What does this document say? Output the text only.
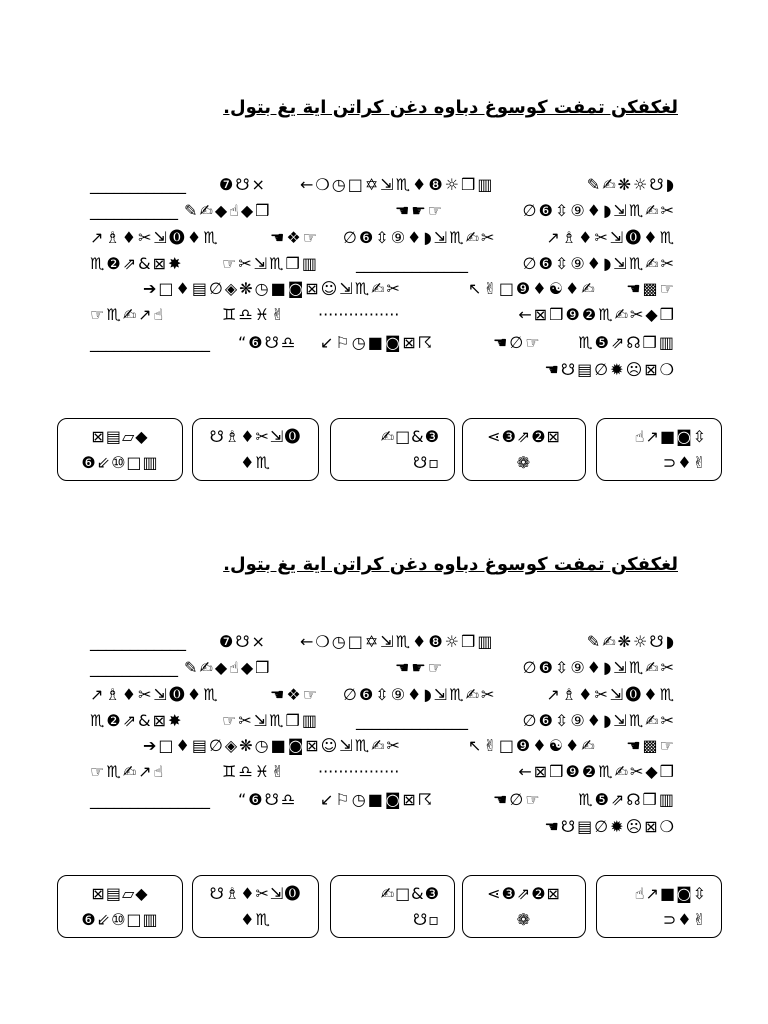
لغكفكن تمفت كوسوغ دباوه دغن كراتن اية يغ بتول.
____________ ❼☋× ←❍◷□✡⇲♏♦❽☼❒▥	✎✍❋☼☋◗
___________ ✎✍◆☝◆❒	☚☛☞	∅❻⇳⑨♦◗⇲♏✍✂
↗♗♦✂⇲⓿♦♏	☚❖☞ ∅❻⇳⑨♦◗⇲♏✍✂	↗♗♦✂⇲⓿♦♏
♏❷⇗&⊠✸ ☞✂⇲♏❒▥ ______________	∅❻⇳⑨♦◗⇲♏✍✂
➔□♦▤∅◈❋◷■◙⊠☺⇲♏✍✂	↖✌□❾♦☯♦✍ ☚▩☞
☞♏✍↗☝	♊♎♓✌ ················	←⊠❒❾❷♏✍✂◆❒
_______________ “❻☋♎ ↙⚐◷■◙⊠☈	☚∅☞ ♏❺⇗☊❒▥
☚☋▤∅✹☹⊠❍
⊠▤▱◆
❻⇙⑩□▥
☋♗♦✂⇲⓿
♦♏
✍□&❸
☋▫
⋖❸⇗❷⊠
❁
☝↗■◙⇳
⊃♦✌
لغكفكن تمفت كوسوغ دباوه دغن كراتن اية يغ بتول.
____________ ❼☋× ←❍◷□✡⇲♏♦❽☼❒▥	✎✍❋☼☋◗
___________ ✎✍◆☝◆❒	☚☛☞	∅❻⇳⑨♦◗⇲♏✍✂
↗♗♦✂⇲⓿♦♏	☚❖☞ ∅❻⇳⑨♦◗⇲♏✍✂	↗♗♦✂⇲⓿♦♏
♏❷⇗&⊠✸ ☞✂⇲♏❒▥ ______________	∅❻⇳⑨♦◗⇲♏✍✂
➔□♦▤∅◈❋◷■◙⊠☺⇲♏✍✂	↖✌□❾♦☯♦✍ ☚▩☞
☞♏✍↗☝	♊♎♓✌ ················	←⊠❒❾❷♏✍✂◆❒
_______________ “❻☋♎ ↙⚐◷■◙⊠☈	☚∅☞ ♏❺⇗☊❒▥
☚☋▤∅✹☹⊠❍
⊠▤▱◆
❻⇙⑩□▥
☋♗♦✂⇲⓿
♦♏
✍□&❸
☋▫
⋖❸⇗❷⊠
❁
☝↗■◙⇳
⊃♦✌
